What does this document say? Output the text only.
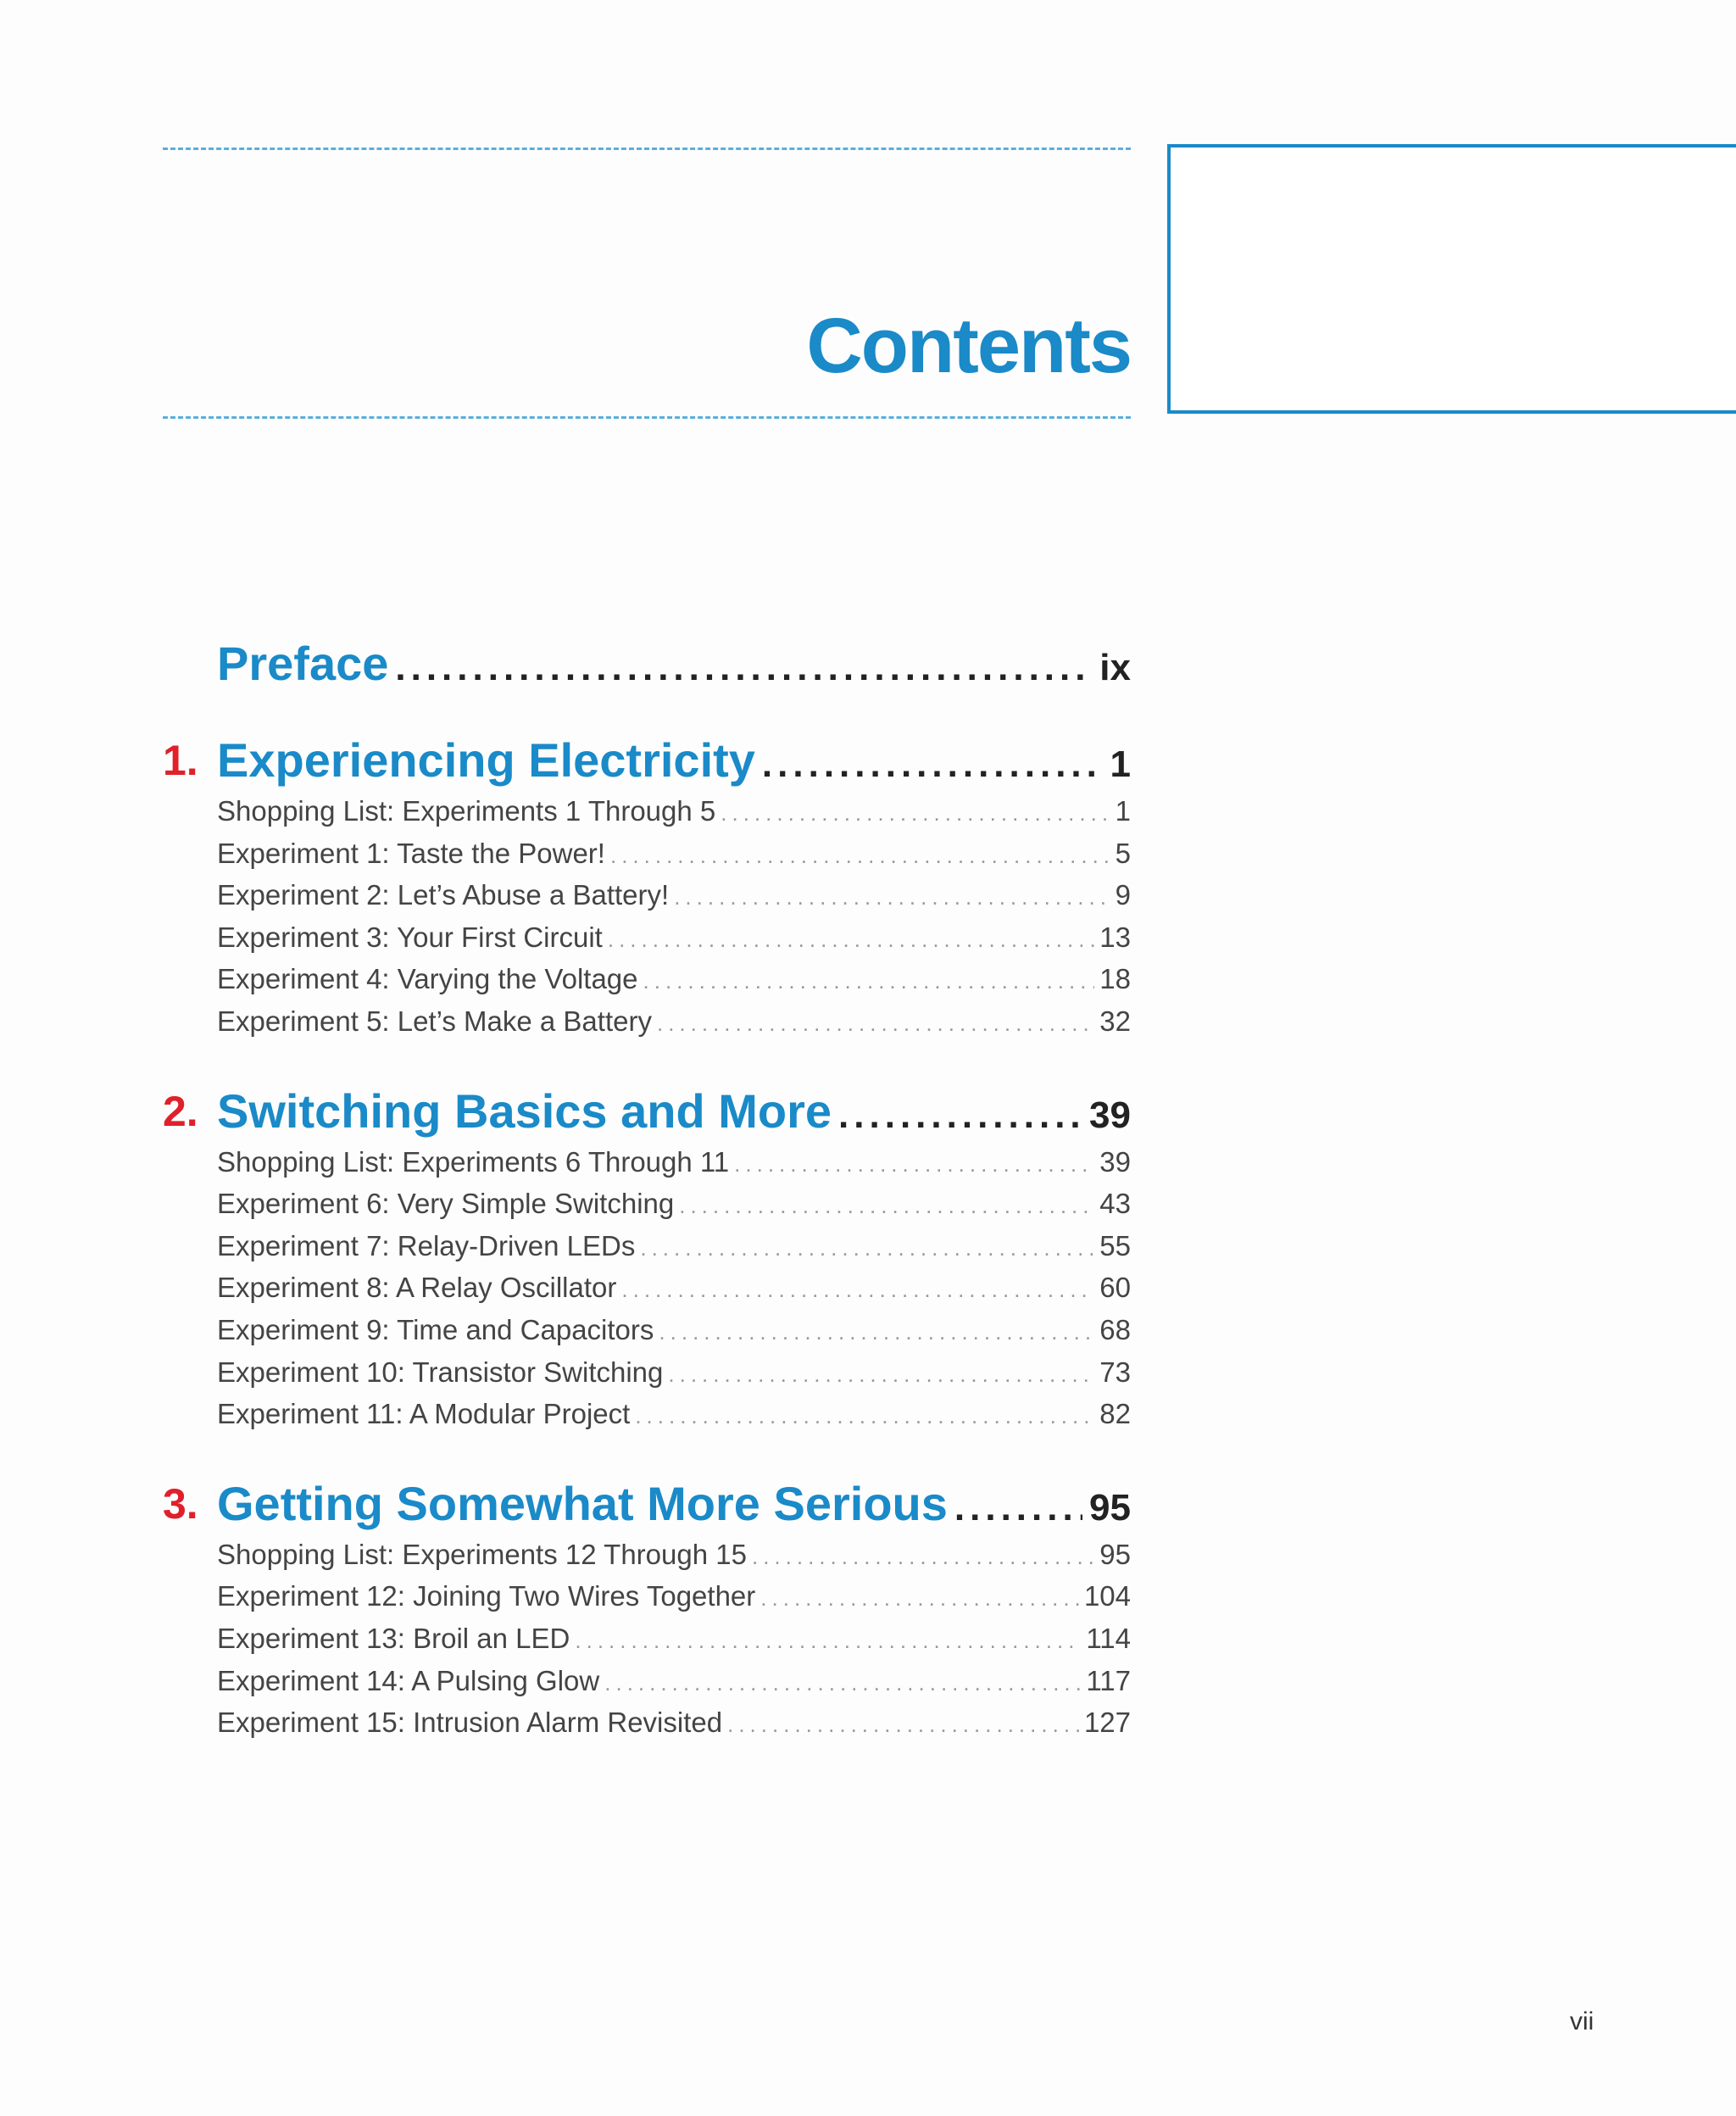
Contents
Preface .....	ix
1. Experiencing Electricity .....	1
Shopping List: Experiments 1 Through 5 .....	1
Experiment 1: Taste the Power! .....	5
Experiment 2: Let’s Abuse a Battery! .....	9
Experiment 3: Your First Circuit .....	13
Experiment 4: Varying the Voltage .....	18
Experiment 5: Let’s Make a Battery .....	32
2. Switching Basics and More .....	39
Shopping List: Experiments 6 Through 11 .....	39
Experiment 6: Very Simple Switching .....	43
Experiment 7: Relay-Driven LEDs .....	55
Experiment 8: A Relay Oscillator .....	60
Experiment 9: Time and Capacitors .....	68
Experiment 10: Transistor Switching .....	73
Experiment 11: A Modular Project .....	82
3. Getting Somewhat More Serious .....	95
Shopping List: Experiments 12 Through 15 .....	95
Experiment 12: Joining Two Wires Together .....	104
Experiment 13: Broil an LED .....	114
Experiment 14: A Pulsing Glow .....	117
Experiment 15: Intrusion Alarm Revisited .....	127
vii
